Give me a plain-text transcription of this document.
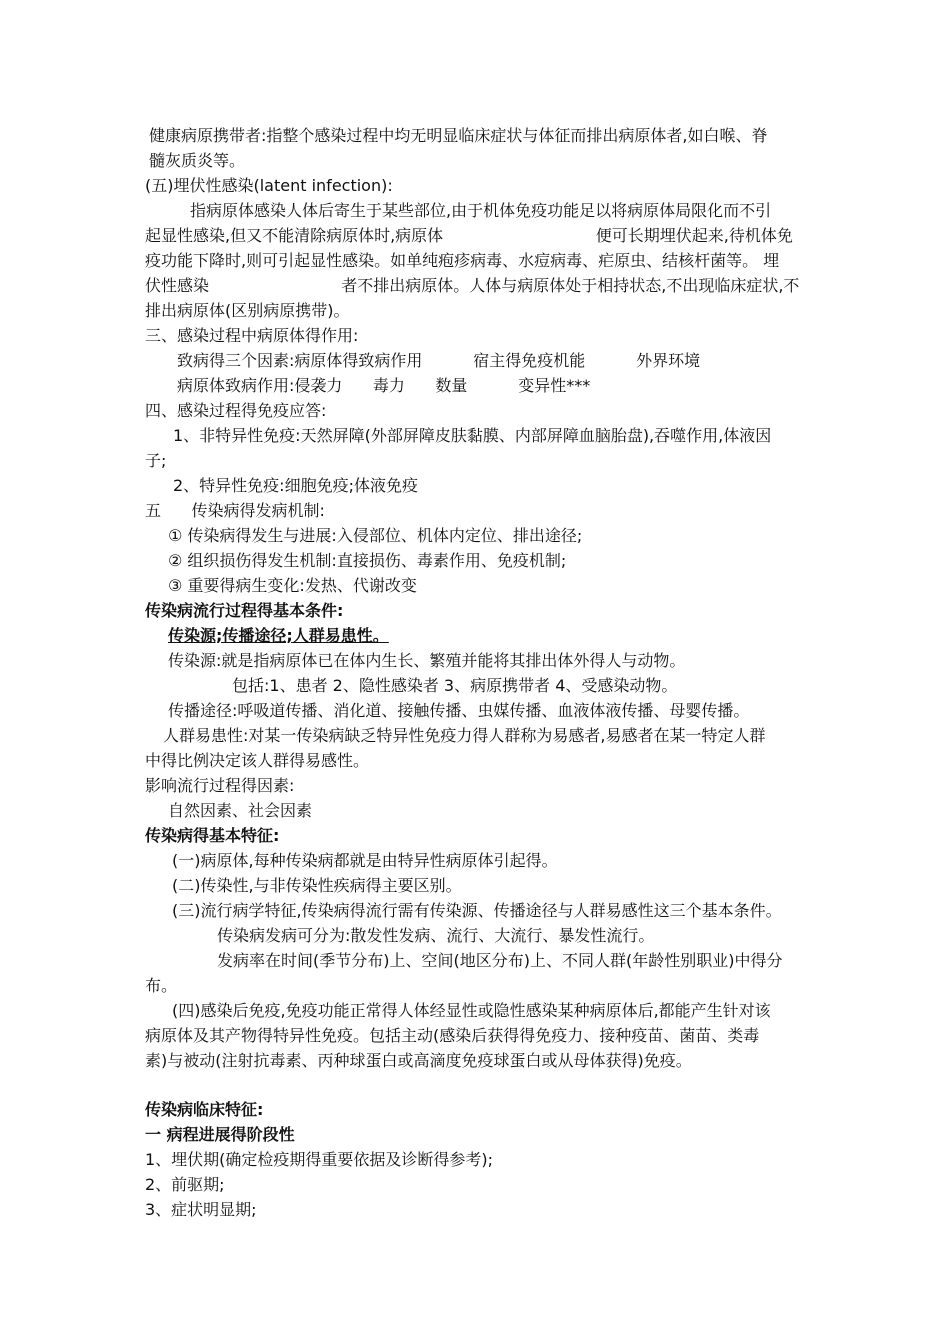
健康病原携带者:指整个感染过程中均无明显临床症状与体征而排出病原体者,如白喉、脊
髓灰质炎等。
(五)埋伏性感染(latent infection):
指病原体感染人体后寄生于某些部位,由于机体免疫功能足以将病原体局限化而不引
起显性感染,但又不能清除病原体时,病原体                              便可长期埋伏起来,待机体免
疫功能下降时,则可引起显性感染。如单纯疱疹病毒、水痘病毒、疟原虫、结核杆菌等。 埋
伏性感染                          者不排出病原体。人体与病原体处于相持状态,不出现临床症状,不
排出病原体(区别病原携带)。
三、感染过程中病原体得作用:
致病得三个因素:病原体得致病作用          宿主得免疫机能          外界环境
病原体致病作用:侵袭力      毒力      数量          变异性***
四、感染过程得免疫应答:
1、非特异性免疫:天然屏障(外部屏障皮肤黏膜、内部屏障血脑胎盘),吞噬作用,体液因
子;
2、特异性免疫:细胞免疫;体液免疫
五      传染病得发病机制:
① 传染病得发生与进展:入侵部位、机体内定位、排出途径;
② 组织损伤得发生机制:直接损伤、毒素作用、免疫机制;
③ 重要得病生变化:发热、代谢改变
传染病流行过程得基本条件:
传染源;传播途径;人群易患性。
传染源:就是指病原体已在体内生长、繁殖并能将其排出体外得人与动物。
包括:1、患者 2、隐性感染者 3、病原携带者 4、受感染动物。
传播途径:呼吸道传播、消化道、接触传播、虫媒传播、血液体液传播、母婴传播。
人群易患性:对某一传染病缺乏特异性免疫力得人群称为易感者,易感者在某一特定人群
中得比例决定该人群得易感性。
影响流行过程得因素:
自然因素、社会因素
传染病得基本特征:
(一)病原体,每种传染病都就是由特异性病原体引起得。
(二)传染性,与非传染性疾病得主要区别。
(三)流行病学特征,传染病得流行需有传染源、传播途径与人群易感性这三个基本条件。
传染病发病可分为:散发性发病、流行、大流行、暴发性流行。
发病率在时间(季节分布)上、空间(地区分布)上、不同人群(年龄性别职业)中得分
布。
(四)感染后免疫,免疫功能正常得人体经显性或隐性感染某种病原体后,都能产生针对该
病原体及其产物得特异性免疫。包括主动(感染后获得得免疫力、接种疫苗、菌苗、类毒
素)与被动(注射抗毒素、丙种球蛋白或高滴度免疫球蛋白或从母体获得)免疫。
传染病临床特征:
一 病程进展得阶段性
1、埋伏期(确定检疫期得重要依据及诊断得参考);
2、前驱期;
3、症状明显期;
